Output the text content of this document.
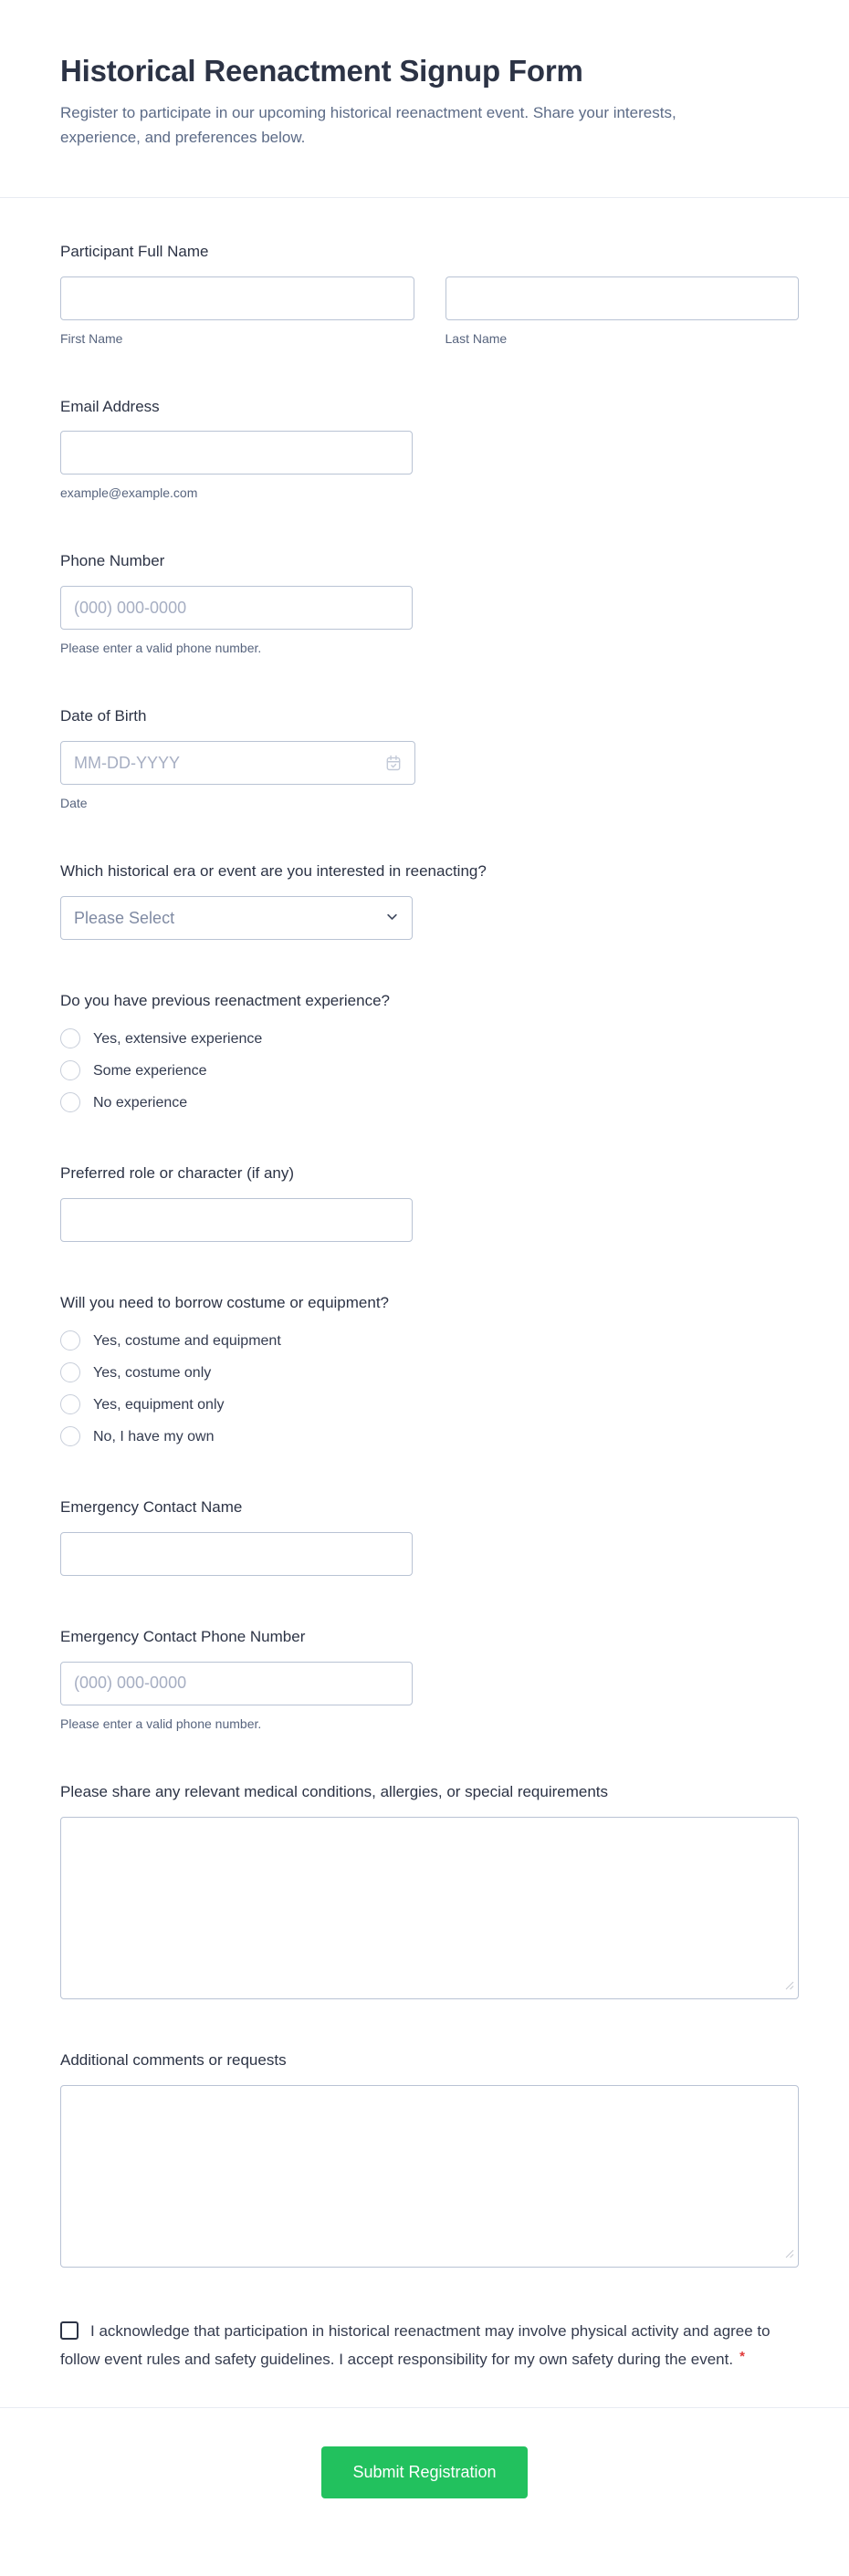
Historical Reenactment Signup Form
Register to participate in our upcoming historical reenactment event. Share your interests, experience, and preferences below.
Participant Full Name
First Name	Last Name
Email Address
example@example.com
Phone Number
(000) 000-0000
Please enter a valid phone number.
Date of Birth
MM-DD-YYYY
Date
Which historical era or event are you interested in reenacting?
Please Select
Do you have previous reenactment experience?
Yes, extensive experience
Some experience
No experience
Preferred role or character (if any)
Will you need to borrow costume or equipment?
Yes, costume and equipment
Yes, costume only
Yes, equipment only
No, I have my own
Emergency Contact Name
Emergency Contact Phone Number
(000) 000-0000
Please enter a valid phone number.
Please share any relevant medical conditions, allergies, or special requirements
Additional comments or requests
I acknowledge that participation in historical reenactment may involve physical activity and agree to follow event rules and safety guidelines. I accept responsibility for my own safety during the event. *
Submit Registration
